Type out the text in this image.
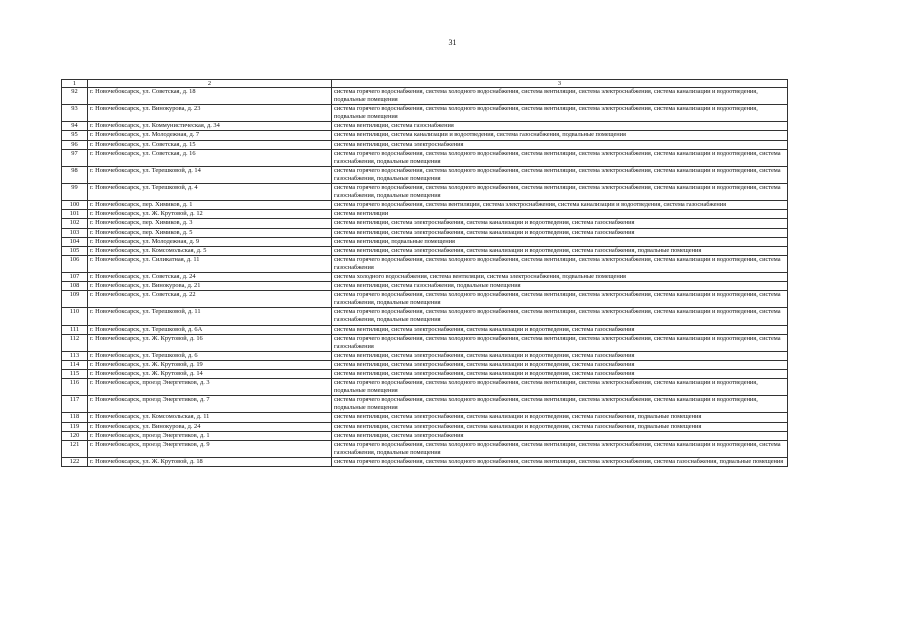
31
1	2	3
92	г. Новочебоксарск, ул. Советская, д. 18	система горячего водоснабжения, система холодного водоснабжения, система вентиляции, система электроснабжения, система канализации и водоотведения, подвальные помещения
93	г. Новочебоксарск, ул. Винокурова, д. 23	система горячего водоснабжения, система холодного водоснабжения, система вентиляции, система электроснабжения, система канализации и водоотведения, подвальные помещения
94	г. Новочебоксарск, ул. Коммунистическая, д. 34	система вентиляции, система газоснабжения
95	г. Новочебоксарск, ул. Молодежная, д. 7	система вентиляции, система канализации и водоотведения, система газоснабжения, подвальные помещения
96	г. Новочебоксарск, ул. Советская, д. 15	система вентиляции, система электроснабжения
97	г. Новочебоксарск, ул. Советская, д. 16	система горячего водоснабжения, система холодного водоснабжения, система вентиляции, система электроснабжения, система канализации и водоотведения, система газоснабжения, подвальные помещения
98	г. Новочебоксарск, ул. Терешковой, д. 14	система горячего водоснабжения, система холодного водоснабжения, система вентиляции, система электроснабжения, система канализации и водоотведения, система газоснабжения, подвальные помещения
99	г. Новочебоксарск, ул. Терешковой, д. 4	система горячего водоснабжения, система холодного водоснабжения, система вентиляции, система электроснабжения, система канализации и водоотведения, система газоснабжения, подвальные помещения
100	г. Новочебоксарск, пер. Химиков, д. 1	система горячего водоснабжения, система вентиляции, система электроснабжения, система канализации и водоотведения, система газоснабжения
101	г. Новочебоксарск, ул. Ж. Крутовой, д. 12	система вентиляции
102	г. Новочебоксарск, пер. Химиков, д. 3	система вентиляции, система электроснабжения, система канализации и водоотведения, система газоснабжения
103	г. Новочебоксарск, пер. Химиков, д. 5	система вентиляции, система электроснабжения, система канализации и водоотведения, система газоснабжения
104	г. Новочебоксарск, ул. Молодежная, д. 9	система вентиляции, подвальные помещения
105	г. Новочебоксарск, ул. Комсомольская, д. 5	система вентиляции, система электроснабжения, система канализации и водоотведения, система газоснабжения, подвальные помещения
106	г. Новочебоксарск, ул. Силикатная, д. 11	система горячего водоснабжения, система холодного водоснабжения, система вентиляции, система электроснабжения, система канализации и водоотведения, система газоснабжения
107	г. Новочебоксарск, ул. Советская, д. 24	система холодного водоснабжения, система вентиляции, система электроснабжения, подвальные помещения
108	г. Новочебоксарск, ул. Винокурова, д. 21	система вентиляции, система газоснабжения, подвальные помещения
109	г. Новочебоксарск, ул. Советская, д. 22	система горячего водоснабжения, система холодного водоснабжения, система вентиляции, система электроснабжения, система канализации и водоотведения, система газоснабжения, подвальные помещения
110	г. Новочебоксарск, ул. Терешковой, д. 11	система горячего водоснабжения, система холодного водоснабжения, система вентиляции, система электроснабжения, система канализации и водоотведения, система газоснабжения, подвальные помещения
111	г. Новочебоксарск, ул. Терешковой, д. 6А	система вентиляции, система электроснабжения, система канализации и водоотведения, система газоснабжения
112	г. Новочебоксарск, ул. Ж. Крутовой, д. 16	система горячего водоснабжения, система холодного водоснабжения, система вентиляции, система электроснабжения, система канализации и водоотведения, система газоснабжения
113	г. Новочебоксарск, ул. Терешковой, д. 6	система вентиляции, система электроснабжения, система канализации и водоотведения, система газоснабжения
114	г. Новочебоксарск, ул. Ж. Крутовой, д. 19	система вентиляции, система электроснабжения, система канализации и водоотведения, система газоснабжения
115	г. Новочебоксарск, ул. Ж. Крутовой, д. 14	система вентиляции, система электроснабжения, система канализации и водоотведения, система газоснабжения
116	г. Новочебоксарск, проезд Энергетиков, д. 3	система горячего водоснабжения, система холодного водоснабжения, система вентиляции, система электроснабжения, система канализации и водоотведения, подвальные помещения
117	г. Новочебоксарск, проезд Энергетиков, д. 7	система горячего водоснабжения, система холодного водоснабжения, система вентиляции, система электроснабжения, система канализации и водоотведения, подвальные помещения
118	г. Новочебоксарск, ул. Комсомольская, д. 11	система вентиляции, система электроснабжения, система канализации и водоотведения, система газоснабжения, подвальные помещения
119	г. Новочебоксарск, ул. Винокурова, д. 24	система вентиляции, система электроснабжения, система канализации и водоотведения, система газоснабжения, подвальные помещения
120	г. Новочебоксарск, проезд Энергетиков, д. 1	система вентиляции, система электроснабжения
121	г. Новочебоксарск, проезд Энергетиков, д. 9	система горячего водоснабжения, система холодного водоснабжения, система вентиляции, система электроснабжения, система канализации и водоотведения, система газоснабжения, подвальные помещения
122	г. Новочебоксарск, ул. Ж. Крутовой, д. 18	система горячего водоснабжения, система холодного водоснабжения, система вентиляции, система электроснабжения, система газоснабжения, подвальные помещения
